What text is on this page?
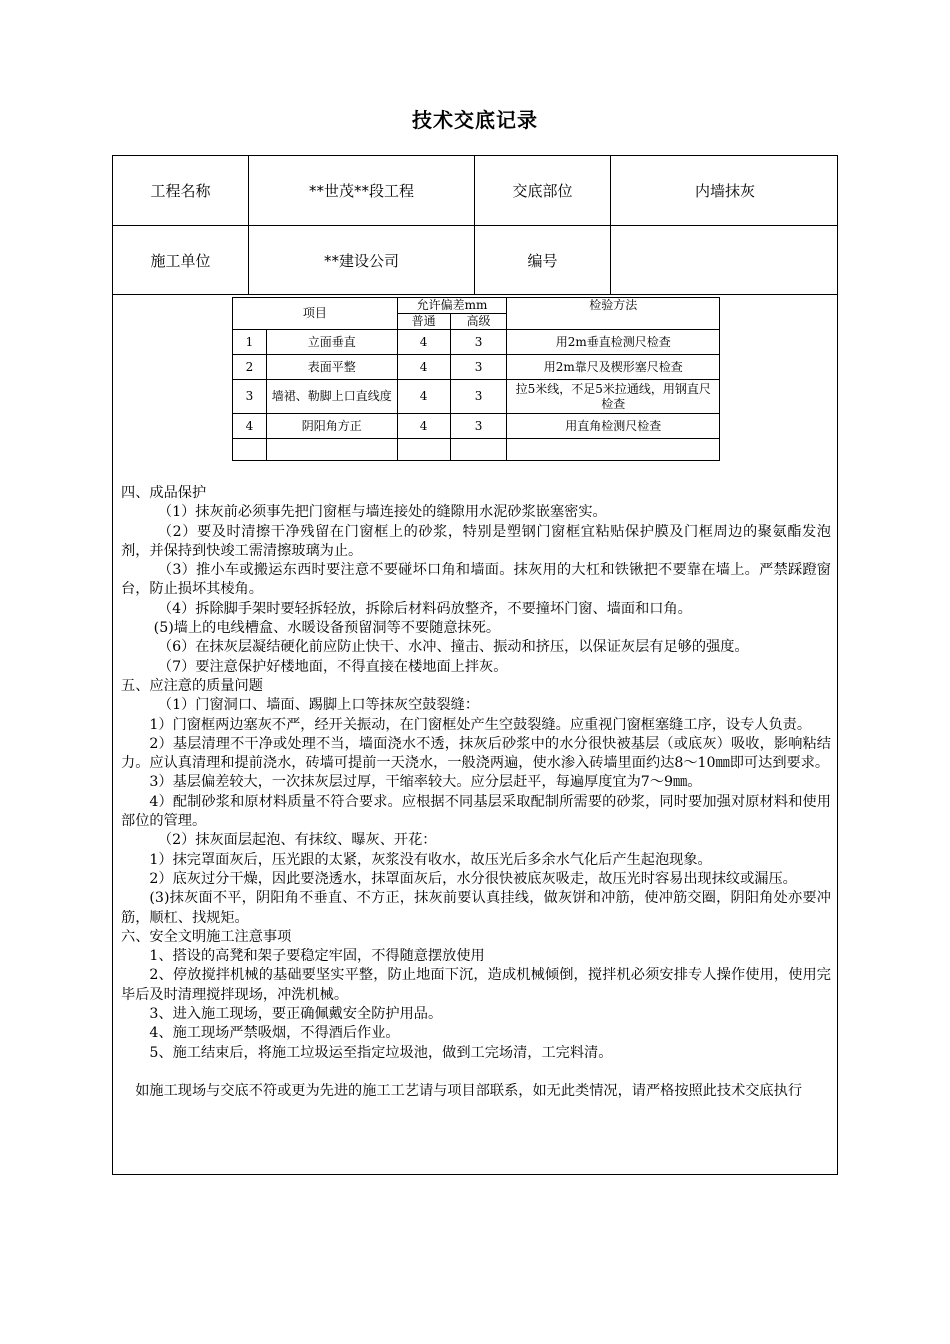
技术交底记录
工程名称	**世茂**段工程	交底部位	内墙抹灰
施工单位	**建设公司	编号
项目		允许偏差mm		检验方法
		普通	高级	
1	立面垂直	4	3	用2m垂直检测尺检查
2	表面平整	4	3	用2m靠尺及楔形塞尺检查
3	墙裙、勒脚上口直线度	4	3	拉5米线，不足5米拉通线，用钢直尺检查
4	阴阳角方正	4	3	用直角检测尺检查

四、成品保护

（1）抹灰前必须事先把门窗框与墙连接处的缝隙用水泥砂浆嵌塞密实。

（2）要及时清擦干净残留在门窗框上的砂浆，特别是塑钢门窗框宜粘贴保护膜及门框周边的聚氨酯发泡剂，并保持到快竣工需清擦玻璃为止。

（3）推小车或搬运东西时要注意不要碰坏口角和墙面。抹灰用的大杠和铁锹把不要靠在墙上。严禁踩蹬窗台，防止损坏其棱角。

（4）拆除脚手架时要轻拆轻放，拆除后材料码放整齐，不要撞坏门窗、墙面和口角。

(5)墙上的电线槽盒、水暖设备预留洞等不要随意抹死。

（6）在抹灰层凝结硬化前应防止快干、水冲、撞击、振动和挤压，以保证灰层有足够的强度。

（7）要注意保护好楼地面，不得直接在楼地面上拌灰。

五、应注意的质量问题

（1）门窗洞口、墙面、踢脚上口等抹灰空鼓裂缝：

1）门窗框两边塞灰不严，经开关振动，在门窗框处产生空鼓裂缝。应重视门窗框塞缝工序，设专人负责。

2）基层清理不干净或处理不当，墙面浇水不透，抹灰后砂浆中的水分很快被基层（或底灰）吸收，影响粘结力。应认真清理和提前浇水，砖墙可提前一天浇水，一般浇两遍，使水渗入砖墙里面约达8～10㎜即可达到要求。

3）基层偏差较大，一次抹灰层过厚，干缩率较大。应分层赶平，每遍厚度宜为7～9㎜。

4）配制砂浆和原材料质量不符合要求。应根据不同基层采取配制所需要的砂浆，同时要加强对原材料和使用部位的管理。

（2）抹灰面层起泡、有抹纹、曝灰、开花：

1）抹完罩面灰后，压光跟的太紧，灰浆没有收水，故压光后多余水气化后产生起泡现象。

2）底灰过分干燥，因此要浇透水，抹罩面灰后，水分很快被底灰吸走，故压光时容易出现抹纹或漏压。

(3)抹灰面不平，阴阳角不垂直、不方正，抹灰前要认真挂线，做灰饼和冲筋，使冲筋交圈，阴阳角处亦要冲筋，顺杠、找规矩。

六、安全文明施工注意事项

1、搭设的高凳和架子要稳定牢固，不得随意摆放使用

2、停放搅拌机械的基础要坚实平整，防止地面下沉，造成机械倾倒，搅拌机必须安排专人操作使用，使用完毕后及时清理搅拌现场，冲洗机械。

3、进入施工现场，要正确佩戴安全防护用品。

4、施工现场严禁吸烟，不得酒后作业。

5、施工结束后，将施工垃圾运至指定垃圾池，做到工完场清，工完料清。

如施工现场与交底不符或更为先进的施工工艺请与项目部联系，如无此类情况，请严格按照此技术交底执行
